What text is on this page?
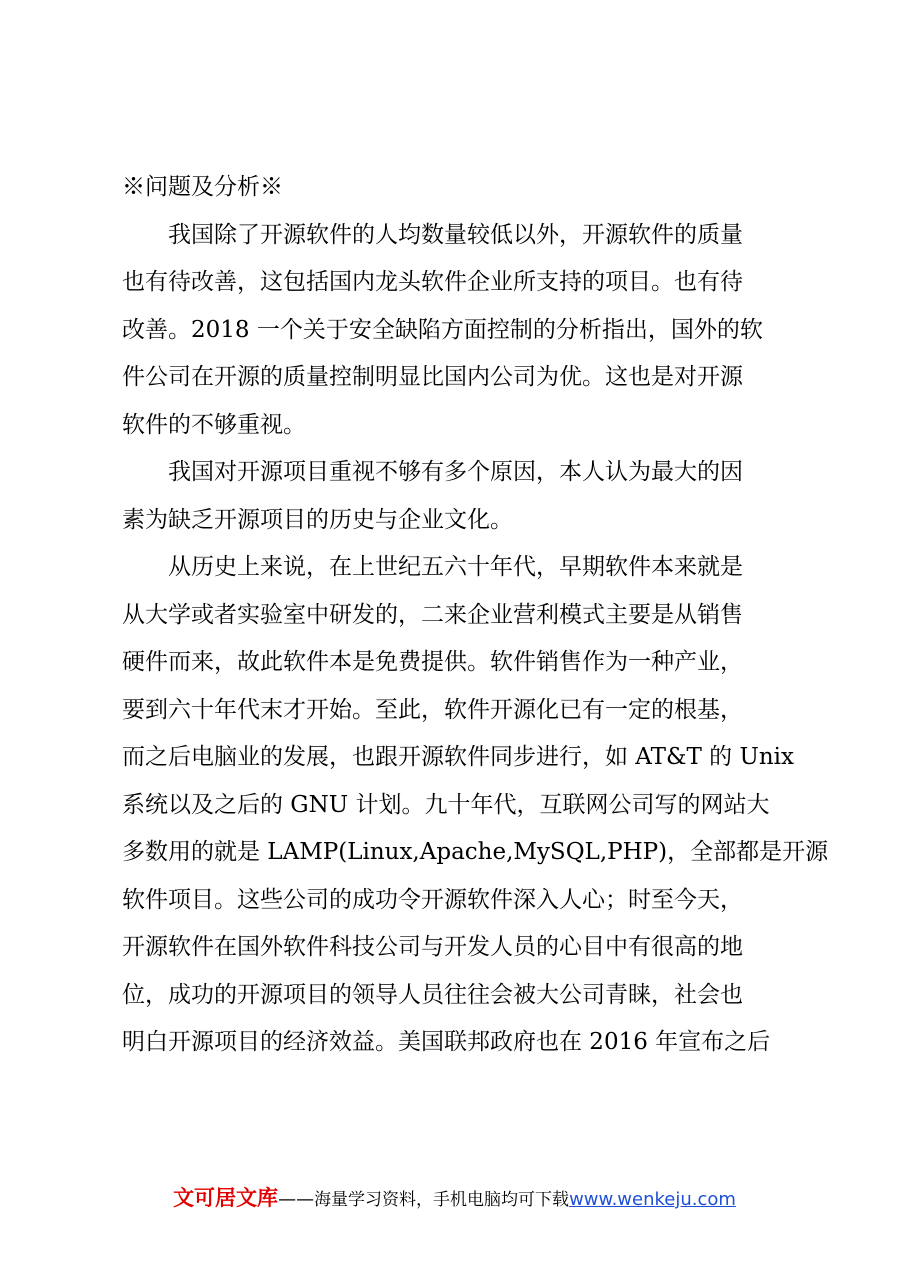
※问题及分析※

我国除了开源软件的人均数量较低以外，开源软件的质量

也有待改善，这包括国内龙头软件企业所支持的项目。也有待

改善。2018 一个关于安全缺陷方面控制的分析指出，国外的软

件公司在开源的质量控制明显比国内公司为优。这也是对开源

软件的不够重视。

我国对开源项目重视不够有多个原因，本人认为最大的因

素为缺乏开源项目的历史与企业文化。

从历史上来说，在上世纪五六十年代，早期软件本来就是

从大学或者实验室中研发的，二来企业营利模式主要是从销售

硬件而来，故此软件本是免费提供。软件销售作为一种产业，

要到六十年代末才开始。至此，软件开源化已有一定的根基，

而之后电脑业的发展，也跟开源软件同步进行，如 AT&T 的 Unix

系统以及之后的 GNU 计划。九十年代，互联网公司写的网站大

多数用的就是 LAMP(Linux,Apache,MySQL,PHP)，全部都是开源

软件项目。这些公司的成功令开源软件深入人心；时至今天，

开源软件在国外软件科技公司与开发人员的心目中有很高的地

位，成功的开源项目的领导人员往往会被大公司青睐，社会也

明白开源项目的经济效益。美国联邦政府也在 2016 年宣布之后

文可居文库——海量学习资料，手机电脑均可下载www.wenkeju.com
